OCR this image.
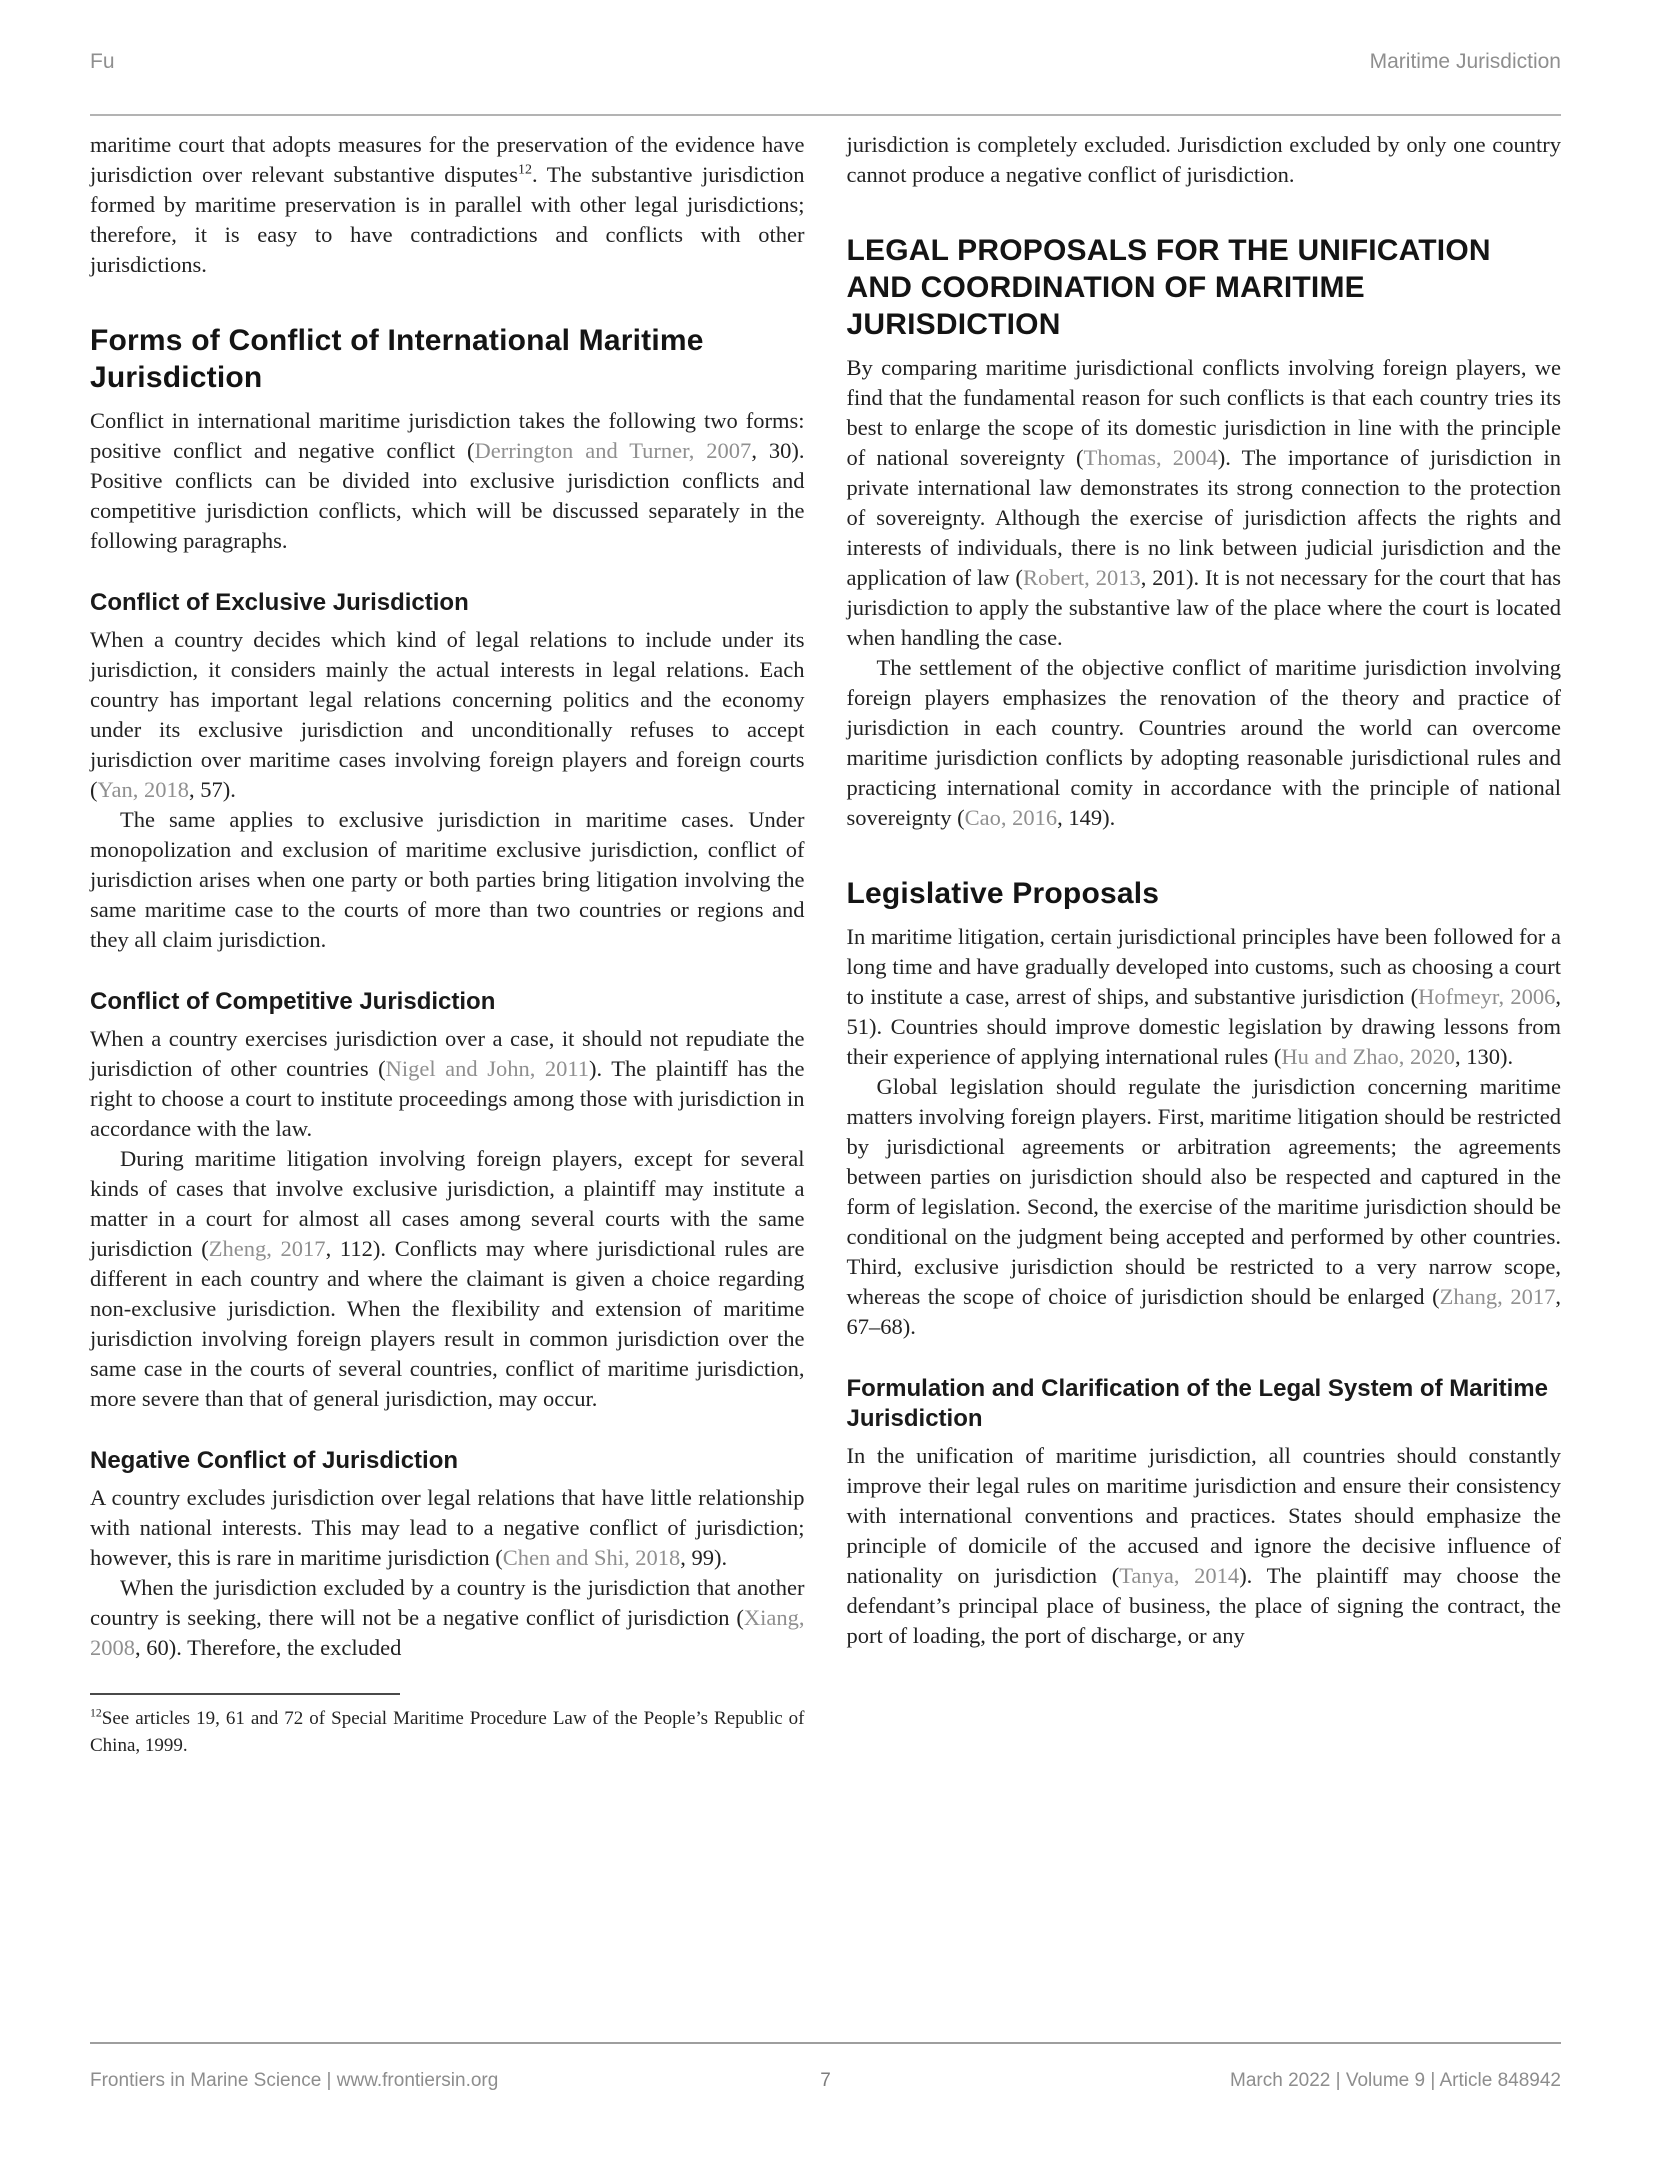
Fu	Maritime Jurisdiction

maritime court that adopts measures for the preservation of the evidence have jurisdiction over relevant substantive disputes$^{12}$. The substantive jurisdiction formed by maritime preservation is in parallel with other legal jurisdictions; therefore, it is easy to have contradictions and conflicts with other jurisdictions.

Forms of Conflict of International Maritime Jurisdiction

Conflict in international maritime jurisdiction takes the following two forms: positive conflict and negative conflict (Derrington and Turner, 2007, 30). Positive conflicts can be divided into exclusive jurisdiction conflicts and competitive jurisdiction conflicts, which will be discussed separately in the following paragraphs.

Conflict of Exclusive Jurisdiction

When a country decides which kind of legal relations to include under its jurisdiction, it considers mainly the actual interests in legal relations. Each country has important legal relations concerning politics and the economy under its exclusive jurisdiction and unconditionally refuses to accept jurisdiction over maritime cases involving foreign players and foreign courts (Yan, 2018, 57).

The same applies to exclusive jurisdiction in maritime cases. Under monopolization and exclusion of maritime exclusive jurisdiction, conflict of jurisdiction arises when one party or both parties bring litigation involving the same maritime case to the courts of more than two countries or regions and they all claim jurisdiction.

Conflict of Competitive Jurisdiction

When a country exercises jurisdiction over a case, it should not repudiate the jurisdiction of other countries (Nigel and John, 2011). The plaintiff has the right to choose a court to institute proceedings among those with jurisdiction in accordance with the law.

During maritime litigation involving foreign players, except for several kinds of cases that involve exclusive jurisdiction, a plaintiff may institute a matter in a court for almost all cases among several courts with the same jurisdiction (Zheng, 2017, 112). Conflicts may where jurisdictional rules are different in each country and where the claimant is given a choice regarding non-exclusive jurisdiction. When the flexibility and extension of maritime jurisdiction involving foreign players result in common jurisdiction over the same case in the courts of several countries, conflict of maritime jurisdiction, more severe than that of general jurisdiction, may occur.

Negative Conflict of Jurisdiction

A country excludes jurisdiction over legal relations that have little relationship with national interests. This may lead to a negative conflict of jurisdiction; however, this is rare in maritime jurisdiction (Chen and Shi, 2018, 99).

When the jurisdiction excluded by a country is the jurisdiction that another country is seeking, there will not be a negative conflict of jurisdiction (Xiang, 2008, 60). Therefore, the excluded

$^{12}$See articles 19, 61 and 72 of Special Maritime Procedure Law of the People’s Republic of China, 1999.

jurisdiction is completely excluded. Jurisdiction excluded by only one country cannot produce a negative conflict of jurisdiction.

LEGAL PROPOSALS FOR THE UNIFICATION AND COORDINATION OF MARITIME JURISDICTION

By comparing maritime jurisdictional conflicts involving foreign players, we find that the fundamental reason for such conflicts is that each country tries its best to enlarge the scope of its domestic jurisdiction in line with the principle of national sovereignty (Thomas, 2004). The importance of jurisdiction in private international law demonstrates its strong connection to the protection of sovereignty. Although the exercise of jurisdiction affects the rights and interests of individuals, there is no link between judicial jurisdiction and the application of law (Robert, 2013, 201). It is not necessary for the court that has jurisdiction to apply the substantive law of the place where the court is located when handling the case.

The settlement of the objective conflict of maritime jurisdiction involving foreign players emphasizes the renovation of the theory and practice of jurisdiction in each country. Countries around the world can overcome maritime jurisdiction conflicts by adopting reasonable jurisdictional rules and practicing international comity in accordance with the principle of national sovereignty (Cao, 2016, 149).

Legislative Proposals

In maritime litigation, certain jurisdictional principles have been followed for a long time and have gradually developed into customs, such as choosing a court to institute a case, arrest of ships, and substantive jurisdiction (Hofmeyr, 2006, 51). Countries should improve domestic legislation by drawing lessons from their experience of applying international rules (Hu and Zhao, 2020, 130).

Global legislation should regulate the jurisdiction concerning maritime matters involving foreign players. First, maritime litigation should be restricted by jurisdictional agreements or arbitration agreements; the agreements between parties on jurisdiction should also be respected and captured in the form of legislation. Second, the exercise of the maritime jurisdiction should be conditional on the judgment being accepted and performed by other countries. Third, exclusive jurisdiction should be restricted to a very narrow scope, whereas the scope of choice of jurisdiction should be enlarged (Zhang, 2017, 67–68).

Formulation and Clarification of the Legal System of Maritime Jurisdiction

In the unification of maritime jurisdiction, all countries should constantly improve their legal rules on maritime jurisdiction and ensure their consistency with international conventions and practices. States should emphasize the principle of domicile of the accused and ignore the decisive influence of nationality on jurisdiction (Tanya, 2014). The plaintiff may choose the defendant’s principal place of business, the place of signing the contract, the port of loading, the port of discharge, or any

Frontiers in Marine Science | www.frontiersin.org	7	March 2022 | Volume 9 | Article 848942
